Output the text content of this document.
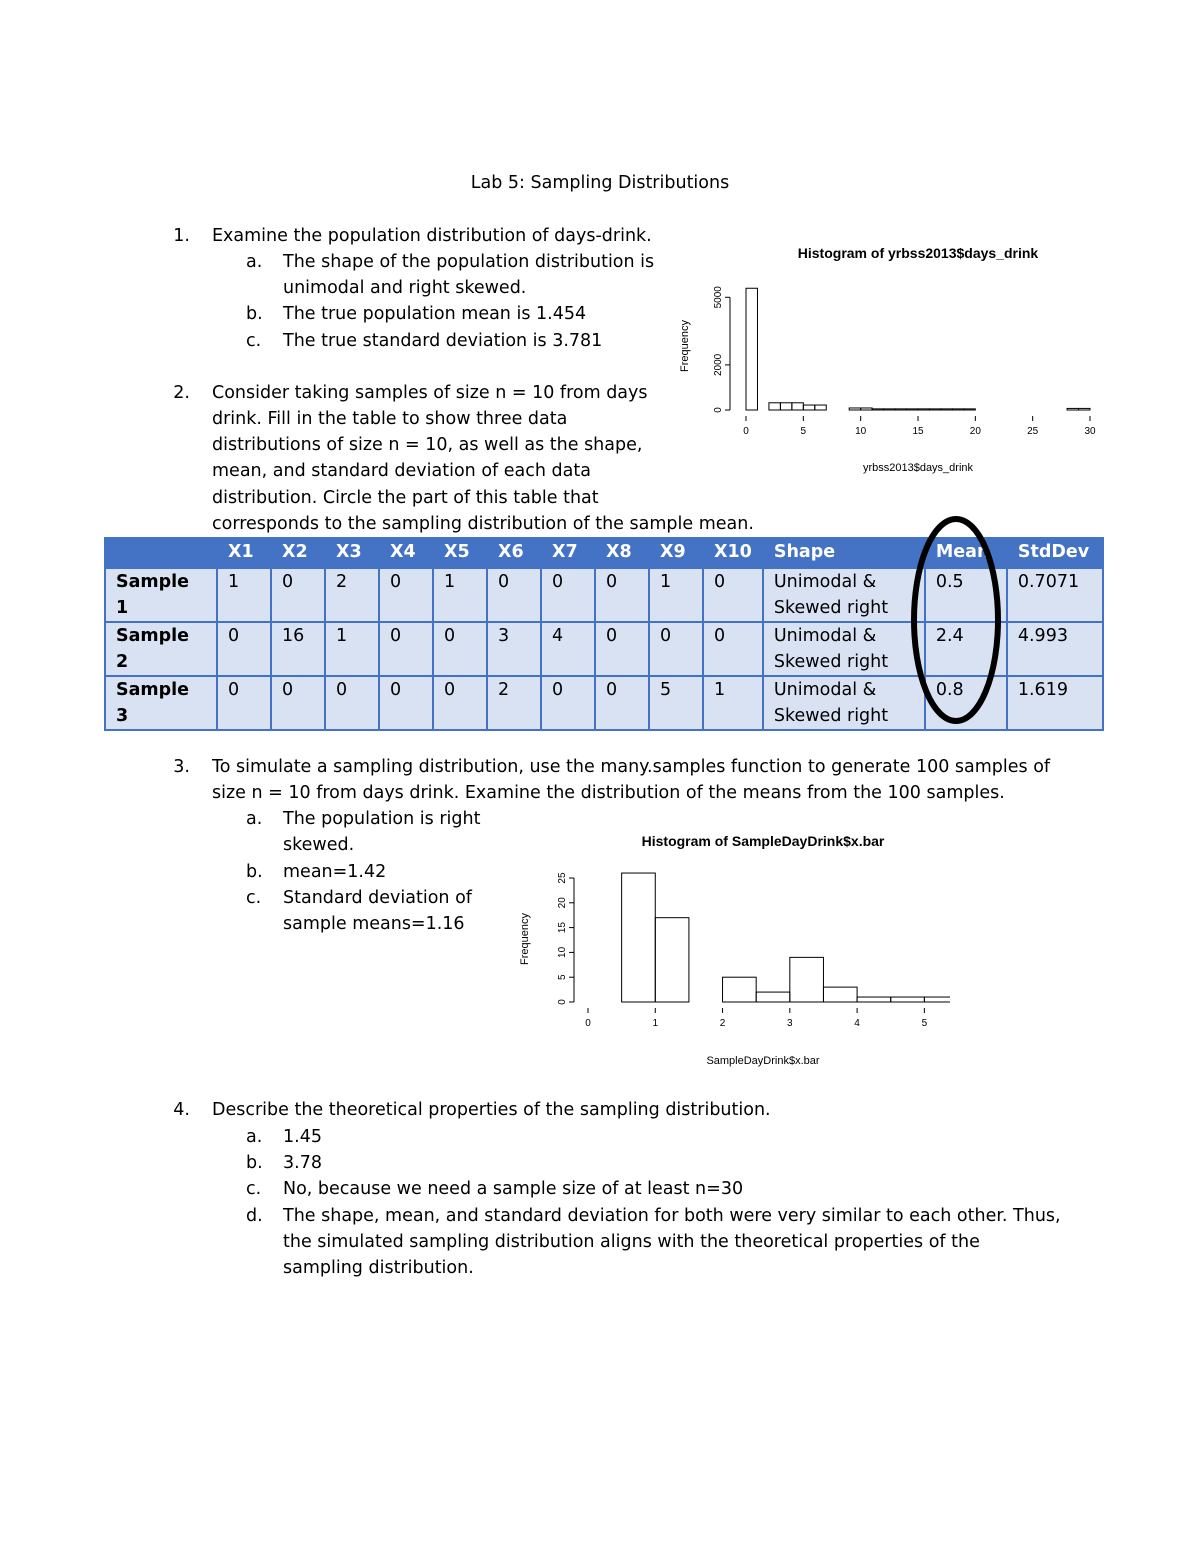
Lab 5: Sampling Distributions
1. Examine the population distribution of days-drink.
a. The shape of the population distribution is
unimodal and right skewed.
b. The true population mean is 1.454
c. The true standard deviation is 3.781
2. Consider taking samples of size n = 10 from days
drink. Fill in the table to show three data
distributions of size n = 10, as well as the shape,
mean, and standard deviation of each data
distribution. Circle the part of this table that
corresponds to the sampling distribution of the sample mean.
Histogram of yrbss2013$days_drink
Frequency
yrbss2013$days_drink
0
2000
5000
0	5	10	15	20	25	30
	X1	X2	X3	X4	X5	X6	X7	X8	X9	X10	Shape	Mean	StdDev
Sample 1	1	0	2	0	1	0	0	0	1	0	Unimodal & Skewed right	0.5	0.7071
Sample 2	0	16	1	0	0	3	4	0	0	0	Unimodal & Skewed right	2.4	4.993
Sample 3	0	0	0	0	0	2	0	0	5	1	Unimodal & Skewed right	0.8	1.619
3. To simulate a sampling distribution, use the many.samples function to generate 100 samples of
size n = 10 from days drink. Examine the distribution of the means from the 100 samples.
a. The population is right
skewed.
b. mean=1.42
c. Standard deviation of
sample means=1.16
Histogram of SampleDayDrink$x.bar
Frequency
SampleDayDrink$x.bar
0
5
10
15
20
25
0	1	2	3	4	5
4. Describe the theoretical properties of the sampling distribution.
a. 1.45
b. 3.78
c. No, because we need a sample size of at least n=30
d. The shape, mean, and standard deviation for both were very similar to each other. Thus,
the simulated sampling distribution aligns with the theoretical properties of the
sampling distribution.
